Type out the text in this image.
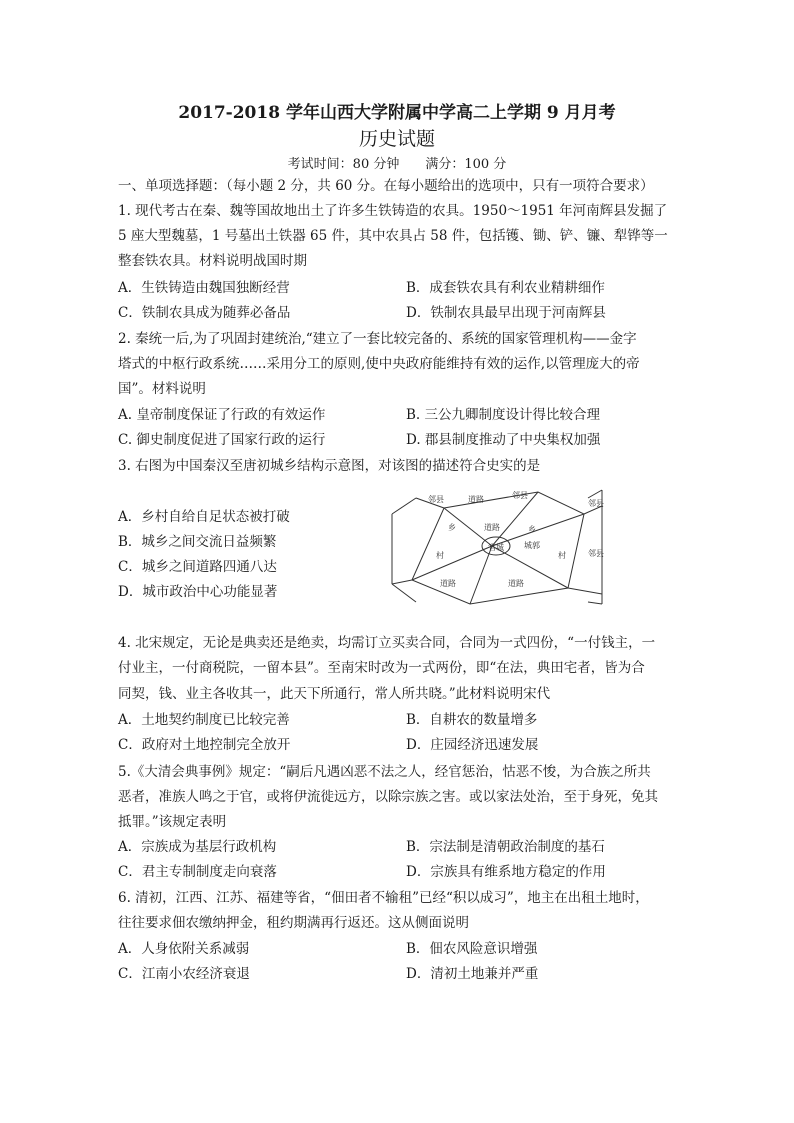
2017-2018 学年山西大学附属中学高二上学期 9 月月考
历史试题
考试时间：80 分钟 满分：100 分
一、单项选择题：（每小题 2 分，共 60 分。在每小题给出的选项中，只有一项符合要求）
1. 现代考古在秦、魏等国故地出土了许多生铁铸造的农具。1950～1951 年河南辉县发掘了
5 座大型魏墓，1 号墓出土铁器 65 件，其中农具占 58 件，包括镬、锄、铲、镰、犁铧等一
整套铁农具。材料说明战国时期
A．生铁铸造由魏国独断经营	B．成套铁农具有利农业精耕细作
C．铁制农具成为随葬必备品	D．铁制农具最早出现于河南辉县
2. 秦统一后,为了巩固封建统治,“建立了一套比较完备的、系统的国家管理机构——金字
塔式的中枢行政系统……采用分工的原则,使中央政府能维持有效的运作,以管理庞大的帝
国”。材料说明
A. 皇帝制度保证了行政的有效运作	B. 三公九卿制度设计得比较合理
C. 御史制度促进了国家行政的运行	D. 郡县制度推动了中央集权加强
3. 右图为中国秦汉至唐初城乡结构示意图，对该图的描述符合史实的是
A．乡村自给自足状态被打破
B．城乡之间交流日益频繁
C．城乡之间道路四通八达
D．城市政治中心功能显著
邻县	邻县
邻县
道路
乡	道路	乡
官城	城郭
村	村	邻县
道路	道路
4. 北宋规定，无论是典卖还是绝卖，均需订立买卖合同，合同为一式四份，“一付钱主，一
付业主，一付商税院，一留本县”。至南宋时改为一式两份，即“在法，典田宅者，皆为合
同契，钱、业主各收其一，此天下所通行，常人所共晓。”此材料说明宋代
A．土地契约制度已比较完善	B．自耕农的数量增多
C．政府对土地控制完全放开	D．庄园经济迅速发展
5.《大清会典事例》规定：“嗣后凡遇凶恶不法之人，经官惩治，怙恶不悛，为合族之所共
恶者，准族人鸣之于官，或将伊流徙远方，以除宗族之害。或以家法处治，至于身死，免其
抵罪。”该规定表明
A．宗族成为基层行政机构	B．宗法制是清朝政治制度的基石
C．君主专制制度走向衰落	D．宗族具有维系地方稳定的作用
6. 清初，江西、江苏、福建等省，“佃田者不输租”已经“积以成习”，地主在出租土地时，
往往要求佃农缴纳押金，租约期满再行返还。这从侧面说明
A．人身依附关系减弱	B．佃农风险意识增强
C．江南小农经济衰退	D．清初土地兼并严重
